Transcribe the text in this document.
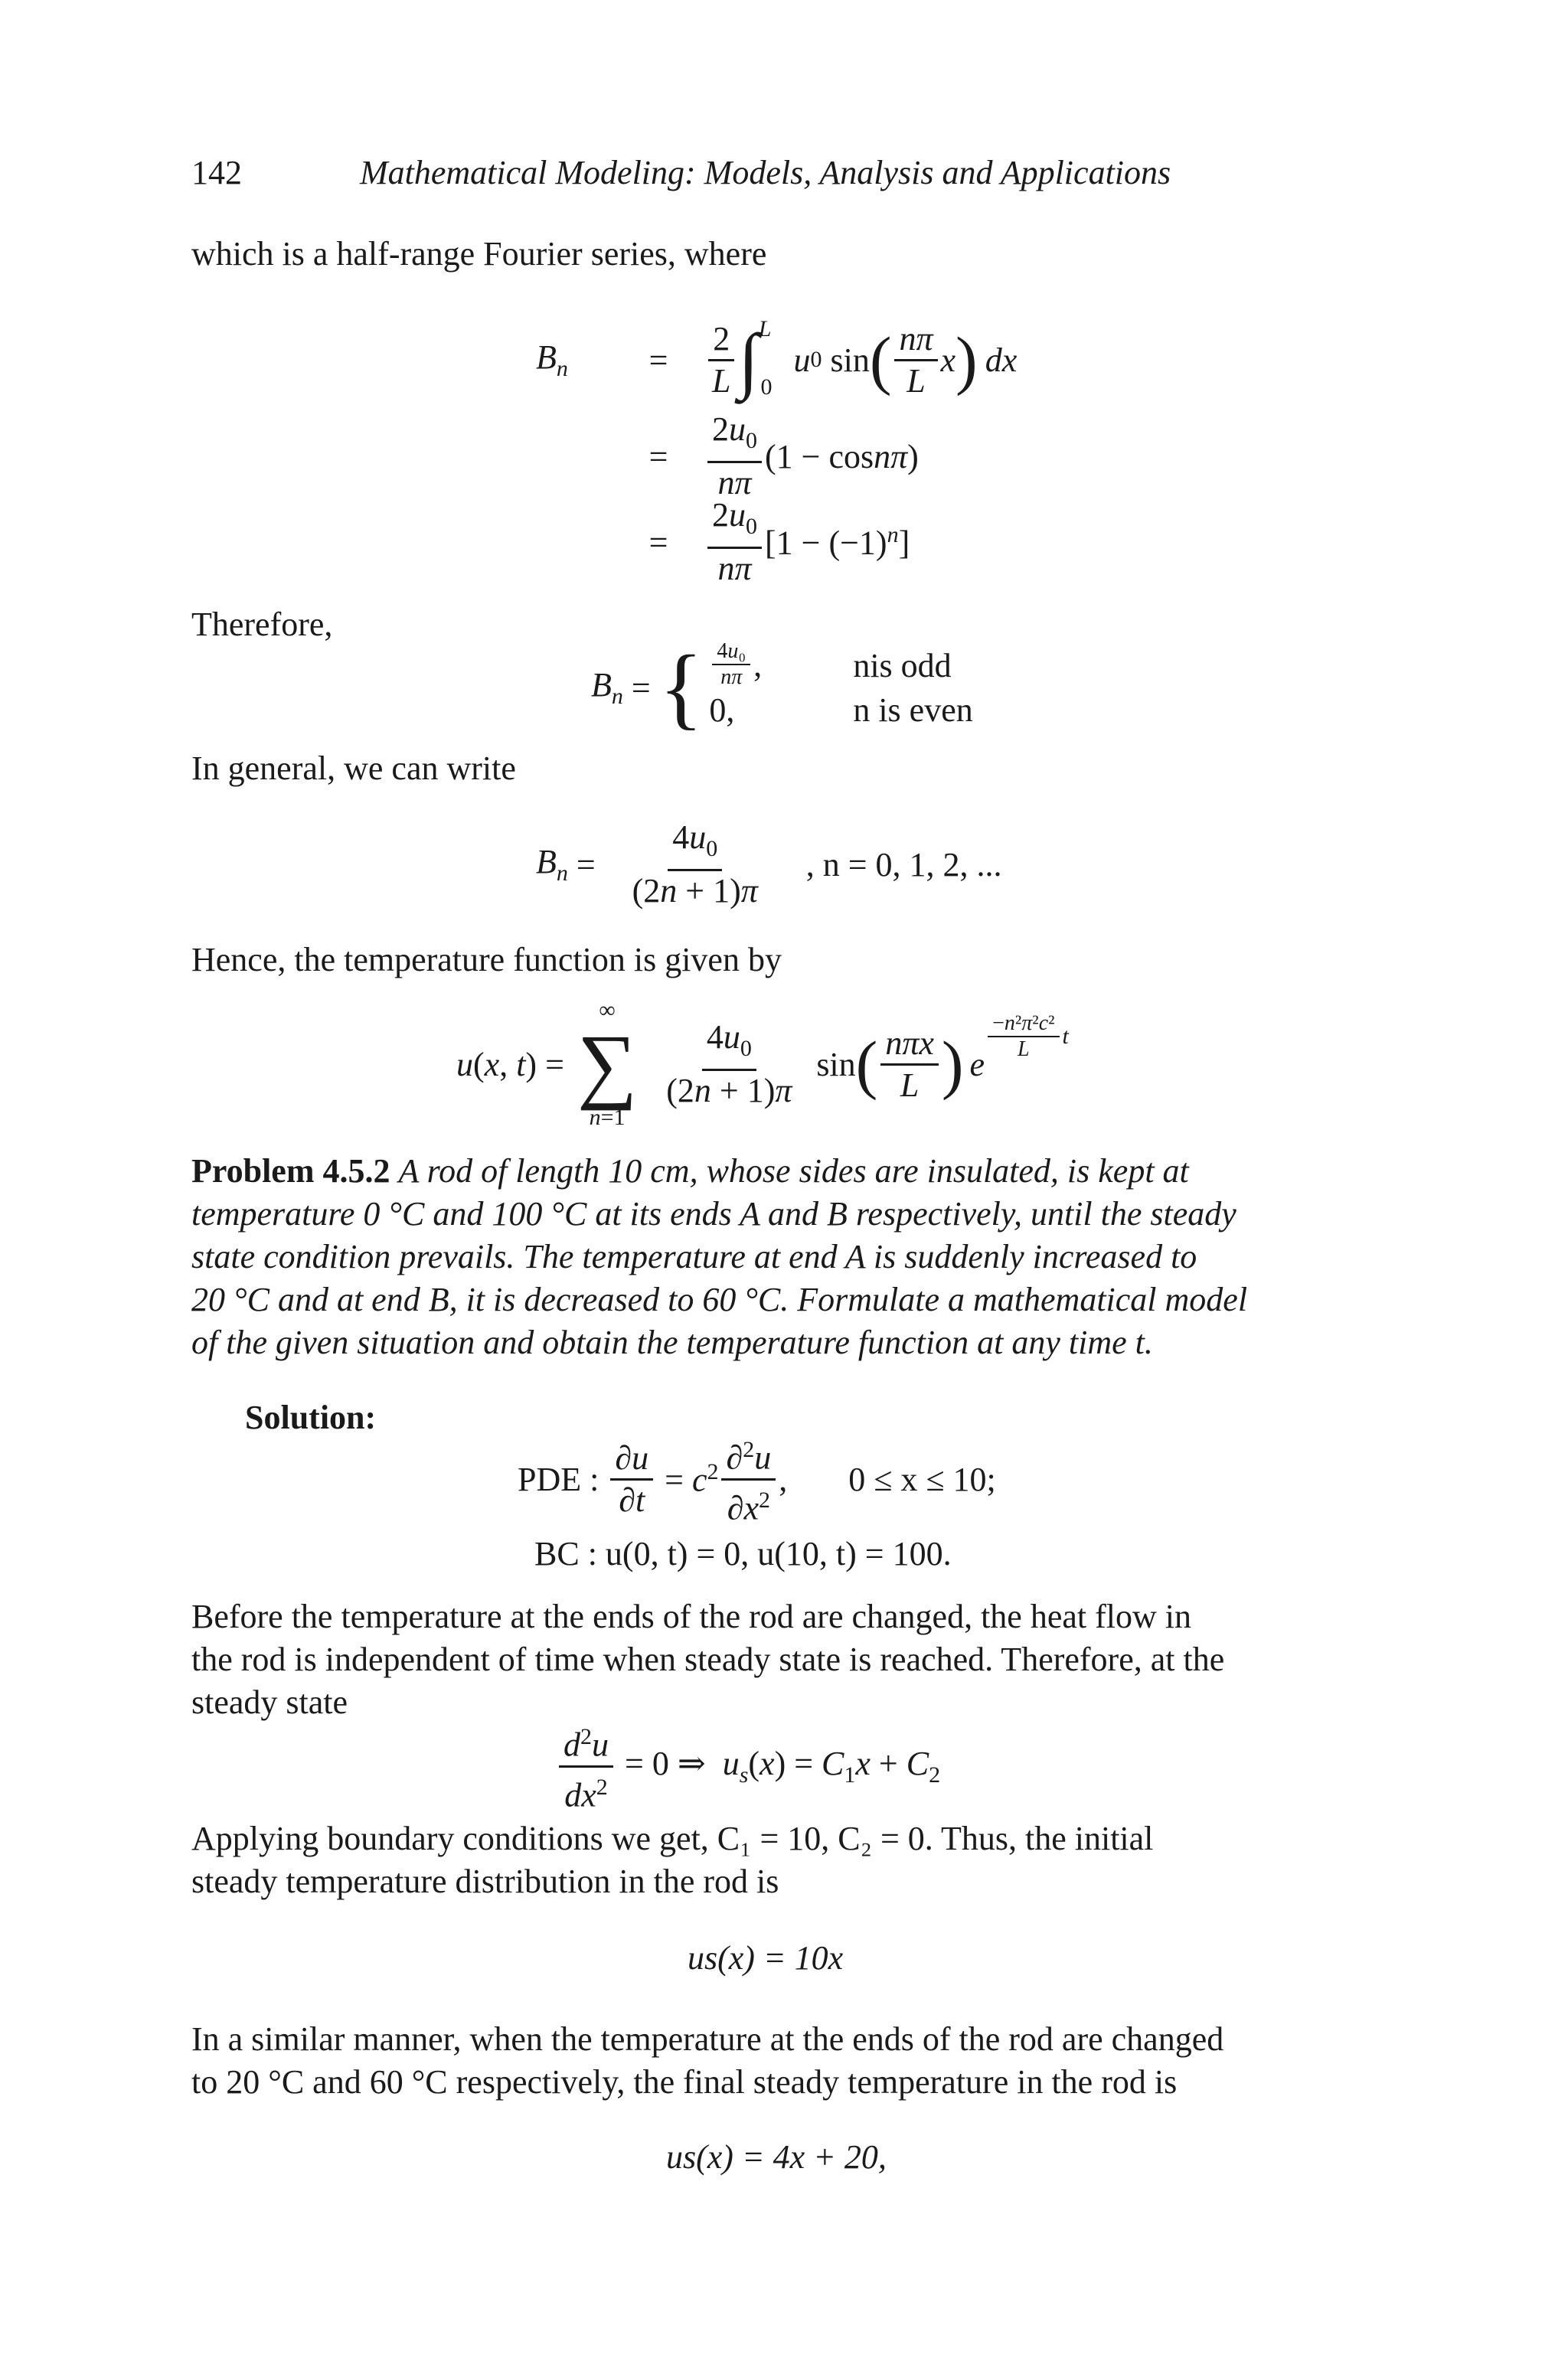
142	Mathematical Modeling: Models, Analysis and Applications
which is a half-range Fourier series, where
$B_n$	=	$\frac{2}{L}$ ∫ L
0
u 0 sin ( $\frac{n\pi}{L}$ x ) dx
=	$\frac{2u_0}{n\pi} (1 - \cos n\pi)$
=	$\frac{2u_0}{n\pi} [1 - (-1)^n]$
Therefore,
$B_n$ = { $\frac{\text{4u₀}}{n\pi}$ ,
0,
nis odd
n is even
In general, we can write
$B_n = \frac{4u_0}{(2n + 1)\pi}$ , n = 0, 1, 2, ...
Hence, the temperature function is given by
u(x, t) =
∞
∑
n=1
$\frac{4u_0}{(2n + 1)\pi}$ sin ( $\frac{\text{nπx}}{L}$ ) e
$\frac{\text{−n²π²c²}}{L}$ t
Problem 4.5.2 A rod of length 10 cm, whose sides are insulated, is kept at
temperature 0 °C and 100 °C at its ends A and B respectively, until the steady
state condition prevails. The temperature at end A is suddenly increased to
20 °C and at end B, it is decreased to 60 °C. Formulate a mathematical model
of the given situation and obtain the temperature function at any time t.
Solution:
PDE :
$\frac{\partial u}{\partial t} = c^2 \frac{\partial^2u}{\partial x^2}$ , 0 ≤ x ≤ 10;
BC : u(0, t) = 0, u(10, t) = 100.
Before the temperature at the ends of the rod are changed, the heat flow in
the rod is independent of time when steady state is reached. Therefore, at the
steady state
$\frac{d^2u}{dx^2} = 0$ ⇒  $u_s(x) = C_1x + C_2$
Applying boundary conditions we get, C₁ = 10, C₂ = 0. Thus, the initial
steady temperature distribution in the rod is
us(x) = 10x
In a similar manner, when the temperature at the ends of the rod are changed
to 20 °C and 60 °C respectively, the final steady temperature in the rod is
us(x) = 4x + 20,
